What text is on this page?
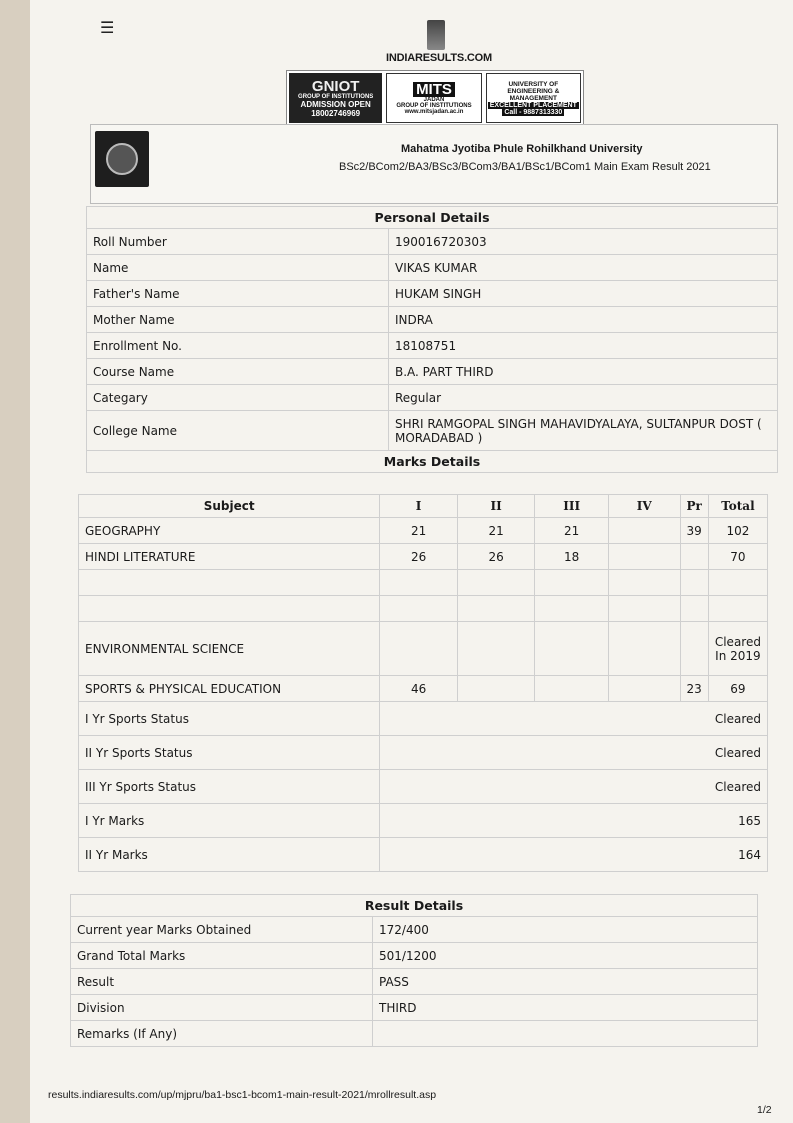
☰
INDIARESULTS.COM
GNIOT
GROUP OF INSTITUTIONS
ADMISSION OPEN
18002746969
MITS
JADAN
GROUP OF INSTITUTIONS
www.mitsjadan.ac.in
UNIVERSITY OF ENGINEERING & MANAGEMENT
EXCELLENT PLACEMENT
Call - 9887313330
Mahatma Jyotiba Phule Rohilkhand University
BSc2/BCom2/BA3/BSc3/BCom3/BA1/BSc1/BCom1 Main Exam Result 2021
Personal Details	
Roll Number	190016720303
Name	VIKAS KUMAR
Father's Name	HUKAM SINGH
Mother Name	INDRA
Enrollment No.	18108751
Course Name	B.A. PART THIRD
Categary	Regular
College Name	SHRI RAMGOPAL SINGH MAHAVIDYALAYA, SULTANPUR DOST ( MORADABAD )
Marks Details	
Subject	I	II	III	IV	Pr	Total
GEOGRAPHY	21	21	21		39	102
HINDI LITERATURE	26	26	18			70

ENVIRONMENTAL SCIENCE						Cleared In 2019
SPORTS & PHYSICAL EDUCATION	46				23	69
I Yr Sports Status	Cleared					
II Yr Sports Status	Cleared					
III Yr Sports Status	Cleared					
I Yr Marks	165					
II Yr Marks	164					
Result Details	
Current year Marks Obtained	172/400
Grand Total Marks	501/1200
Result	PASS
Division	THIRD
Remarks (If Any)	
results.indiaresults.com/up/mjpru/ba1-bsc1-bcom1-main-result-2021/mrollresult.asp
1/2
